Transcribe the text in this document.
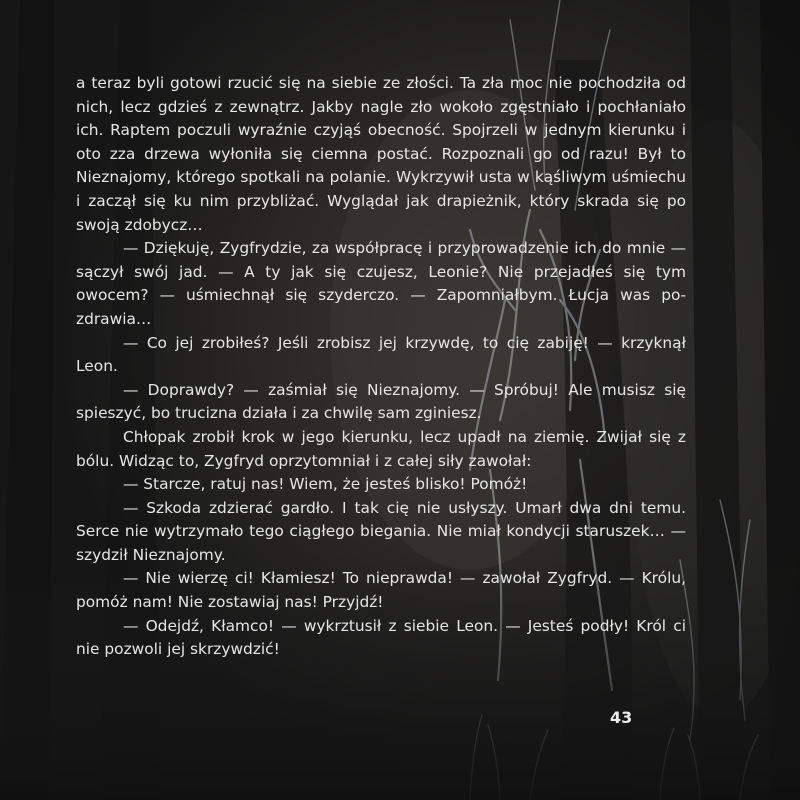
a teraz byli gotowi rzucić się na siebie ze złości. Ta zła moc nie pochodziła od nich, lecz gdzieś z zewnątrz. Jakby nagle zło wokoło zgęstniało i pochłaniało ich. Raptem poczuli wyraźnie czyjąś obecność. Spojrzeli w jednym kierunku i oto zza drzewa wyłoniła się ciemna postać. Rozpoznali go od razu! Był to Nieznajomy, którego spotkali na polanie. Wykrzywił usta w kąśliwym uśmiechu i zaczął się ku nim przybliżać. Wyglądał jak drapieżnik, który skrada się po swoją zdobycz…

— Dziękuję, Zygfrydzie, za współpracę i przyprowadzenie ich do mnie — sączył swój jad. — A ty jak się czujesz, Leonie? Nie przejadłeś się tym owocem? — uśmiechnął się szyderczo. — Zapomniałbym. Łucja was pozdrawia…

— Co jej zrobiłeś? Jeśli zrobisz jej krzywdę, to cię zabiję! — krzyknął Leon.

— Doprawdy? — zaśmiał się Nieznajomy. — Spróbuj! Ale musisz się spieszyć, bo trucizna działa i za chwilę sam zginiesz.

Chłopak zrobił krok w jego kierunku, lecz upadł na ziemię. Zwijał się z bólu. Widząc to, Zygfryd oprzytomniał i z całej siły zawołał:

— Starcze, ratuj nas! Wiem, że jesteś blisko! Pomóż!

— Szkoda zdzierać gardło. I tak cię nie usłyszy. Umarł dwa dni temu. Serce nie wytrzymało tego ciągłego biegania. Nie miał kondycji staruszek… — szydził Nieznajomy.

— Nie wierzę ci! Kłamiesz! To nieprawda! — zawołał Zygfryd. — Królu, pomóż nam! Nie zostawiaj nas! Przyjdź!

— Odejdź, Kłamco! — wykrztusił z siebie Leon. — Jesteś podły! Król ci nie pozwoli jej skrzywdzić!

43
